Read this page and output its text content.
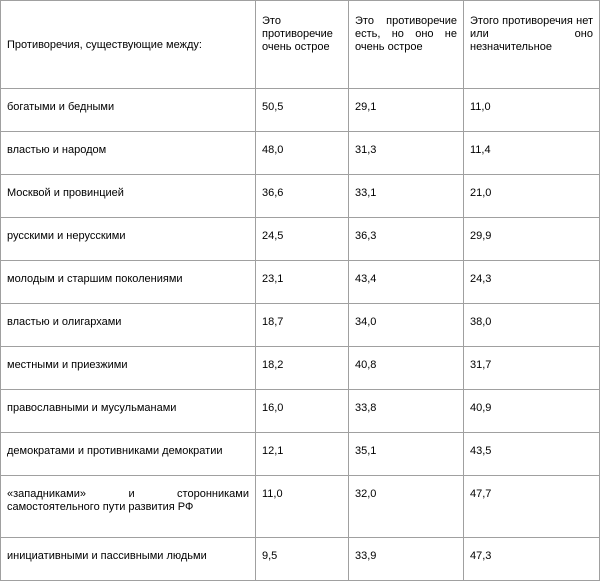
Противоречия, существующие между:	Это противоречие очень острое	Это противоречие есть, но оно не очень острое	Этого противоречия нет или оно незначительное
богатыми и бедными	50,5	29,1	11,0
властью и народом	48,0	31,3	11,4
Москвой и провинцией	36,6	33,1	21,0
русскими и нерусскими	24,5	36,3	29,9
молодым и старшим поколениями	23,1	43,4	24,3
властью и олигархами	18,7	34,0	38,0
местными и приезжими	18,2	40,8	31,7
православными и мусульманами	16,0	33,8	40,9
демократами и противниками демократии	12,1	35,1	43,5
«западниками» и сторонниками самостоятельного пути развития РФ	11,0	32,0	47,7
инициативными и пассивными людьми	9,5	33,9	47,3
